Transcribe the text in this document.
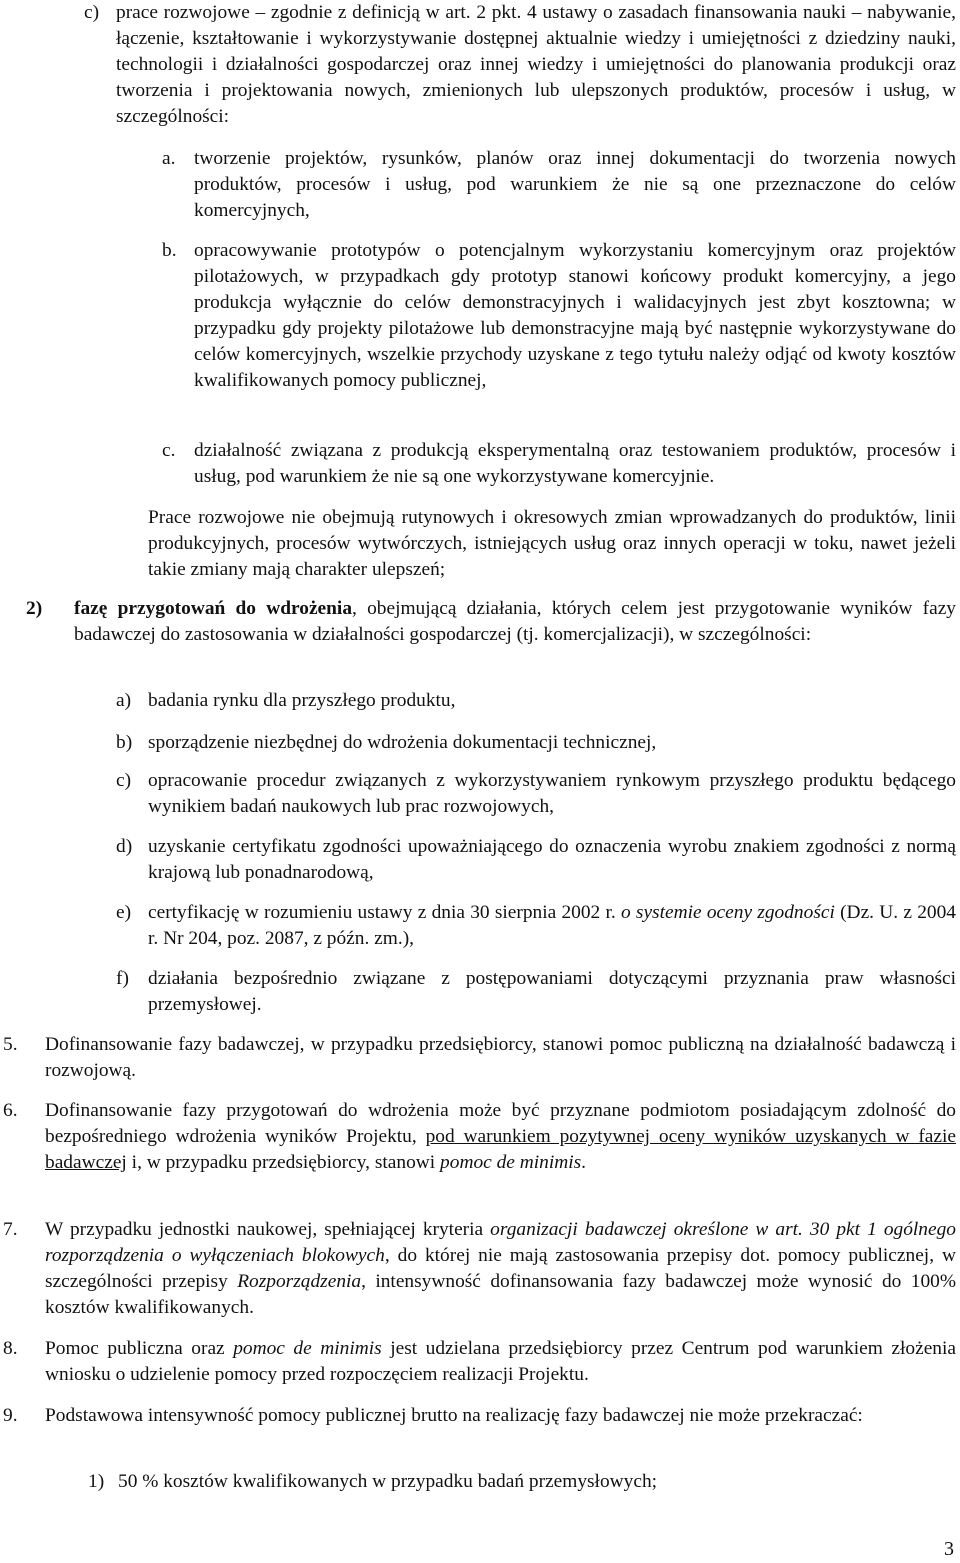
c) prace rozwojowe – zgodnie z definicją w art. 2 pkt. 4 ustawy o zasadach finansowania nauki – nabywanie, łączenie, kształtowanie i wykorzystywanie dostępnej aktualnie wiedzy i umiejętności z dziedziny nauki, technologii i działalności gospodarczej oraz innej wiedzy i umiejętności do planowania produkcji oraz tworzenia i projektowania nowych, zmienionych lub ulepszonych produktów, procesów i usług, w szczególności:
a. tworzenie projektów, rysunków, planów oraz innej dokumentacji do tworzenia nowych produktów, procesów i usług, pod warunkiem że nie są one przeznaczone do celów komercyjnych,
b. opracowywanie prototypów o potencjalnym wykorzystaniu komercyjnym oraz projektów pilotażowych, w przypadkach gdy prototyp stanowi końcowy produkt komercyjny, a jego produkcja wyłącznie do celów demonstracyjnych i walidacyjnych jest zbyt kosztowna; w przypadku gdy projekty pilotażowe lub demonstracyjne mają być następnie wykorzystywane do celów komercyjnych, wszelkie przychody uzyskane z tego tytułu należy odjąć od kwoty kosztów kwalifikowanych pomocy publicznej,
c. działalność związana z produkcją eksperymentalną oraz testowaniem produktów, procesów i usług, pod warunkiem że nie są one wykorzystywane komercyjnie.
Prace rozwojowe nie obejmują rutynowych i okresowych zmian wprowadzanych do produktów, linii produkcyjnych, procesów wytwórczych, istniejących usług oraz innych operacji w toku, nawet jeżeli takie zmiany mają charakter ulepszeń;
2) fazę przygotowań do wdrożenia, obejmującą działania, których celem jest przygotowanie wyników fazy badawczej do zastosowania w działalności gospodarczej (tj. komercjalizacji), w szczególności:
a) badania rynku dla przyszłego produktu,
b) sporządzenie niezbędnej do wdrożenia dokumentacji technicznej,
c) opracowanie procedur związanych z wykorzystywaniem rynkowym przyszłego produktu będącego wynikiem badań naukowych lub prac rozwojowych,
d) uzyskanie certyfikatu zgodności upoważniającego do oznaczenia wyrobu znakiem zgodności z normą krajową lub ponadnarodową,
e) certyfikację w rozumieniu ustawy z dnia 30 sierpnia 2002 r. o systemie oceny zgodności (Dz. U. z 2004 r. Nr 204, poz. 2087, z późn. zm.),
f) działania bezpośrednio związane z postępowaniami dotyczącymi przyznania praw własności przemysłowej.
5. Dofinansowanie fazy badawczej, w przypadku przedsiębiorcy, stanowi pomoc publiczną na działalność badawczą i rozwojową.
6. Dofinansowanie fazy przygotowań do wdrożenia może być przyznane podmiotom posiadającym zdolność do bezpośredniego wdrożenia wyników Projektu, pod warunkiem pozytywnej oceny wyników uzyskanych w fazie badawczej i, w przypadku przedsiębiorcy, stanowi pomoc de minimis.
7. W przypadku jednostki naukowej, spełniającej kryteria organizacji badawczej określone w art. 30 pkt 1 ogólnego rozporządzenia o wyłączeniach blokowych, do której nie mają zastosowania przepisy dot. pomocy publicznej, w szczególności przepisy Rozporządzenia, intensywność dofinansowania fazy badawczej może wynosić do 100% kosztów kwalifikowanych.
8. Pomoc publiczna oraz pomoc de minimis jest udzielana przedsiębiorcy przez Centrum pod warunkiem złożenia wniosku o udzielenie pomocy przed rozpoczęciem realizacji Projektu.
9. Podstawowa intensywność pomocy publicznej brutto na realizację fazy badawczej nie może przekraczać:
1) 50 % kosztów kwalifikowanych w przypadku badań przemysłowych;
3
